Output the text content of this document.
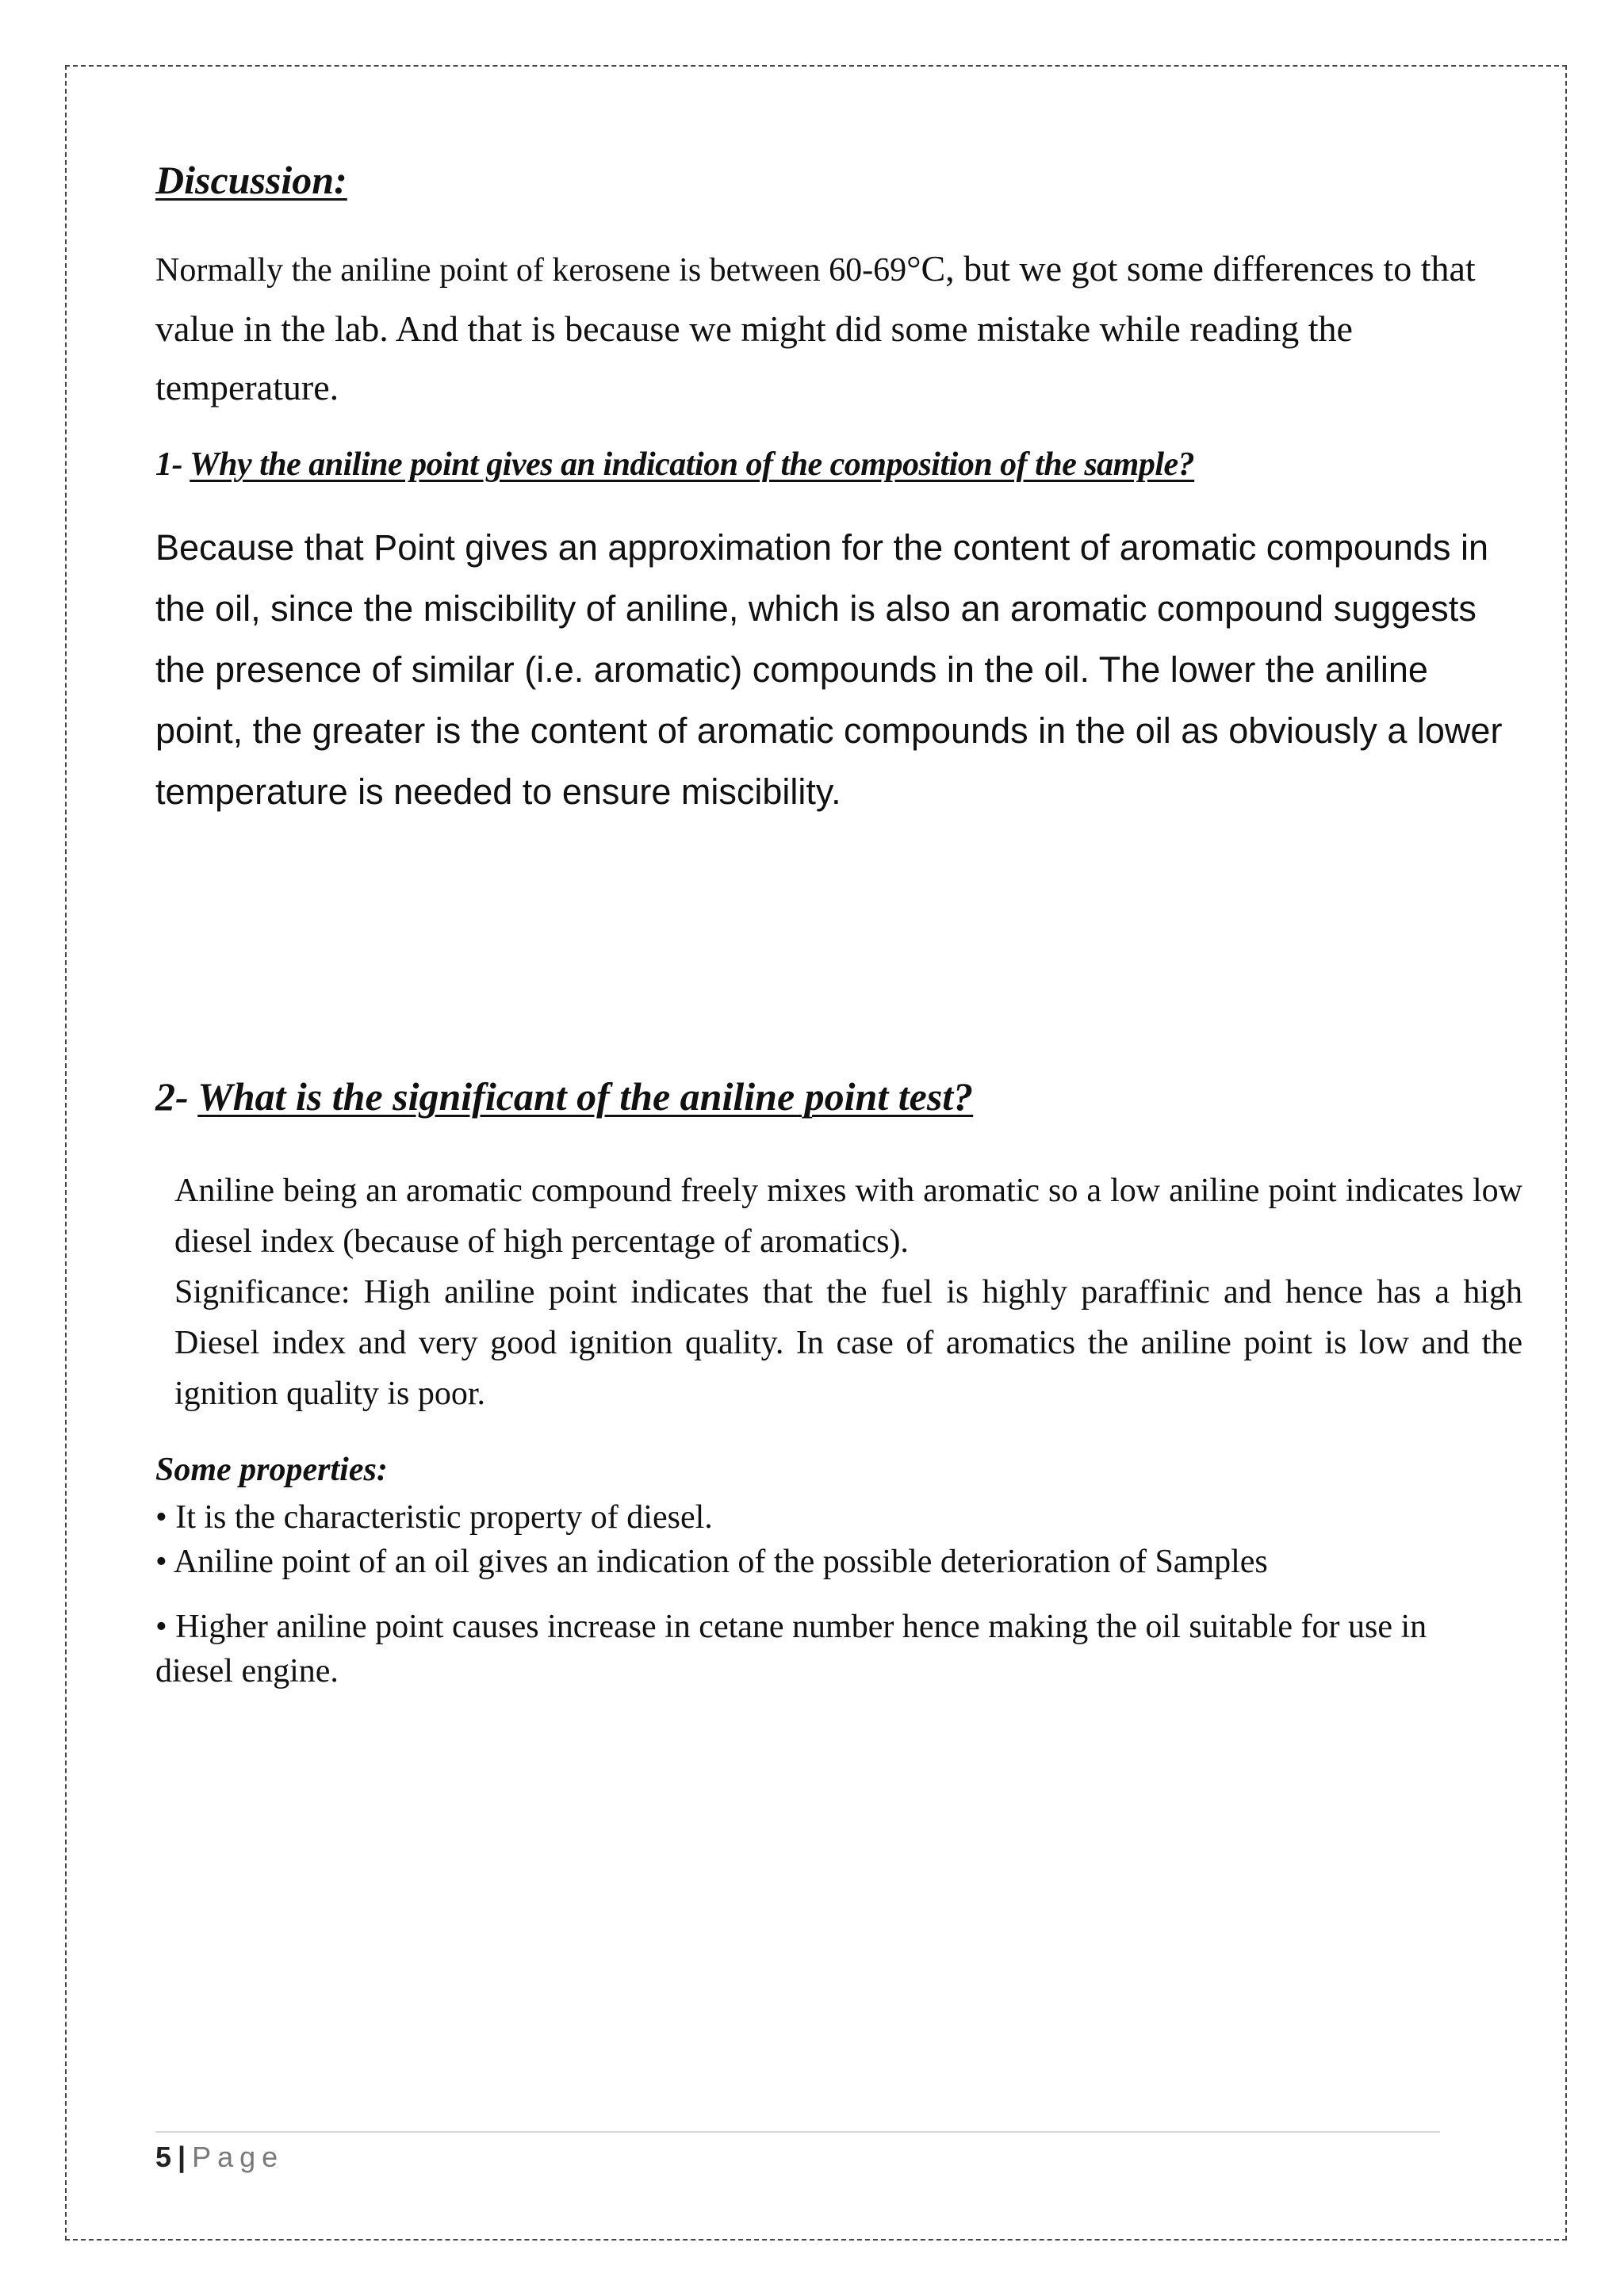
Discussion:

Normally the aniline point of kerosene is between 60-69°C, but we got some differences to that value in the lab. And that is because we might did some mistake while reading the temperature.

1- Why the aniline point gives an indication of the composition of the sample?

Because that Point gives an approximation for the content of aromatic compounds in the oil, since the miscibility of aniline, which is also an aromatic compound suggests the presence of similar (i.e. aromatic) compounds in the oil. The lower the aniline point, the greater is the content of aromatic compounds in the oil as obviously a lower temperature is needed to ensure miscibility.

2- What is the significant of the aniline point test?

Aniline being an aromatic compound freely mixes with aromatic so a low aniline point indicates low diesel index (because of high percentage of aromatics).

Significance: High aniline point indicates that the fuel is highly paraffinic and hence has a high Diesel index and very good ignition quality. In case of aromatics the aniline point is low and the ignition quality is poor.

Some properties:

• It is the characteristic property of diesel.

• Aniline point of an oil gives an indication of the possible deterioration of Samples

• Higher aniline point causes increase in cetane number hence making the oil suitable for use in diesel engine.

5 | Page
